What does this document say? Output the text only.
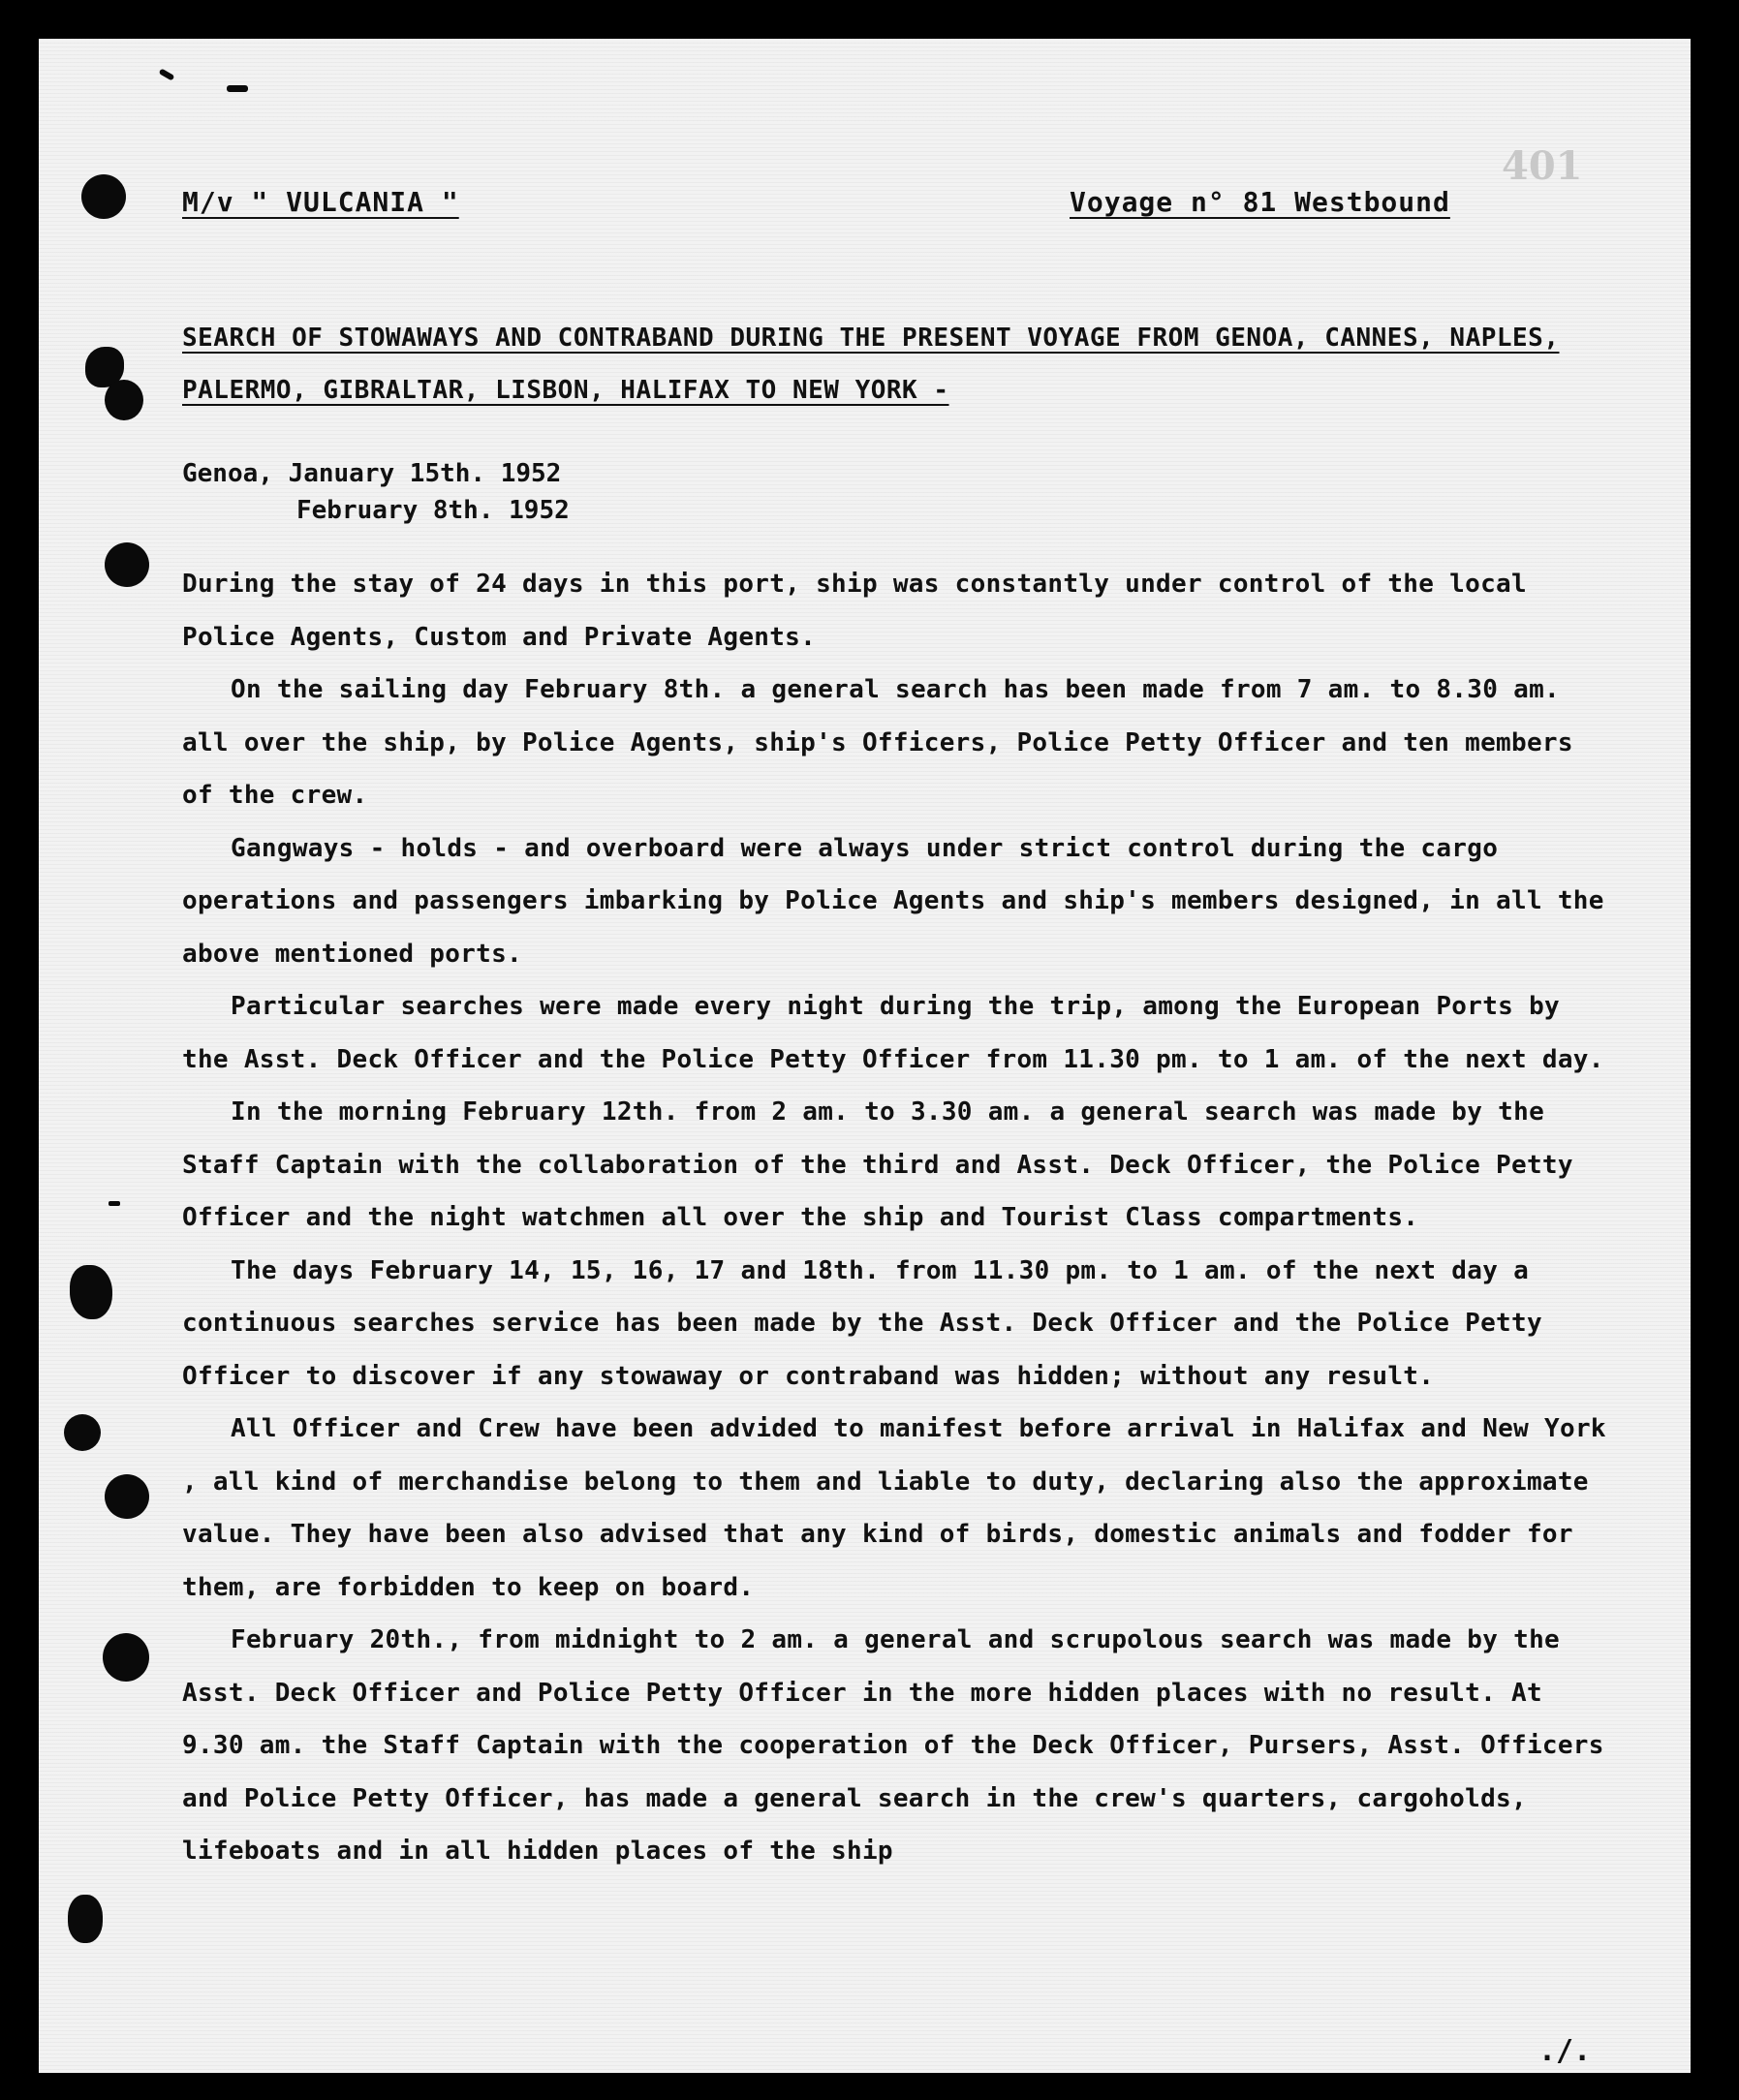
401
M/v " VULCANIA "	Voyage n° 81 Westbound
SEARCH OF STOWAWAYS AND CONTRABAND DURING THE PRESENT VOYAGE FROM GENOA, CANNES, NAPLES, PALERMO, GIBRALTAR, LISBON, HALIFAX TO NEW YORK -
Genoa, January 15th. 1952
February 8th. 1952

During the stay of 24 days in this port, ship was constantly under control of the local Police Agents, Custom and Private Agents.

On the sailing day February 8th. a general search has been made from 7 am. to 8.30 am. all over the ship, by Police Agents, ship's Officers, Police Petty Officer and ten members of the crew.

Gangways - holds - and overboard were always under strict control during the cargo operations and passengers imbarking by Police Agents and ship's members designed, in all the above mentioned ports.

Particular searches were made every night during the trip, among the European Ports by the Asst. Deck Officer and the Police Petty Officer from 11.30 pm. to 1 am. of the next day.

In the morning February 12th. from 2 am. to 3.30 am. a general search was made by the Staff Captain with the collaboration of the third and Asst. Deck Officer, the Police Petty Officer and the night watchmen all over the ship and Tourist Class compartments.

The days February 14, 15, 16, 17 and 18th. from 11.30 pm. to 1 am. of the next day a continuous searches service has been made by the Asst. Deck Officer and the Police Petty Officer to discover if any stowaway or contraband was hidden; without any result.

All Officer and Crew have been advided to manifest before arrival in Halifax and New York , all kind of merchandise belong to them and liable to duty, declaring also the approximate value. They have been also advised that any kind of birds, domestic animals and fodder for them, are forbidden to keep on board.

February 20th., from midnight to 2 am. a general and scrupolous search was made by the Asst. Deck Officer and Police Petty Officer in the more hidden places with no result. At 9.30 am. the Staff Captain with the cooperation of the Deck Officer, Pursers, Asst. Officers and Police Petty Officer, has made a general search in the crew's quarters, cargoholds, lifeboats and in all hidden places of the ship

./.
